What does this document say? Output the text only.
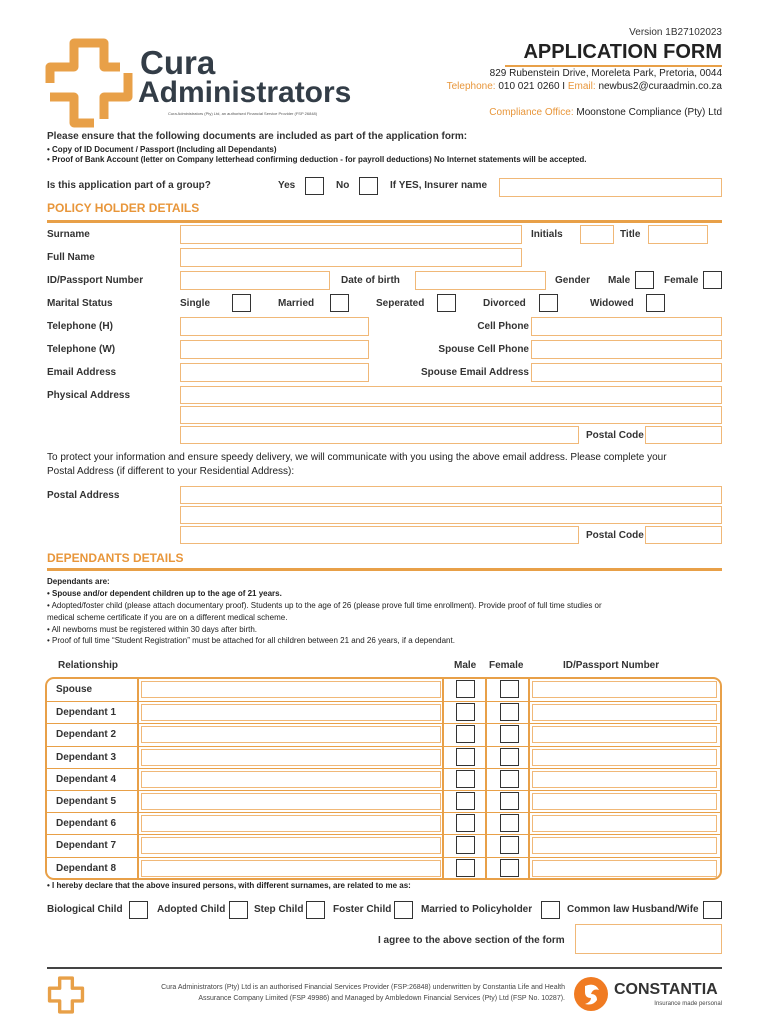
Cura
Administrators
Cura Administrators (Pty) Ltd, an authorised Financial Service Provider (FSP 26848)
Version 1B27102023
APPLICATION FORM
829 Rubenstein Drive, Moreleta Park, Pretoria, 0044
Telephone: 010 021 0260 I Email: newbus2@curaadmin.co.za
Compliance Office: Moonstone Compliance (Pty) Ltd
Please ensure that the following documents are included as part of the application form:
• Copy of ID Document / Passport (Including all Dependants)
• Proof of Bank Account (letter on Company letterhead confirming deduction - for payroll deductions) No Internet statements will be accepted.
Is this application part of a group?	Yes	No	If YES, Insurer name
POLICY HOLDER DETAILS
Surname	Initials	Title
Full Name
ID/Passport Number	Date of birth	Gender Male	Female
Marital Status	Single	Married	Seperated	Divorced	Widowed
Telephone (H)	Cell Phone
Telephone (W)	Spouse Cell Phone
Email Address	Spouse Email Address
Physical Address
Postal Code
To protect your information and ensure speedy delivery, we will communicate with you using the above email address. Please complete your
Postal Address (if different to your Residential Address):
Postal Address
Postal Code
DEPENDANTS DETAILS
Dependants are:
• Spouse and/or dependent children up to the age of 21 years.
• Adopted/foster child (please attach documentary proof). Students up to the age of 26 (please prove full time enrollment). Provide proof of full time studies or
medical scheme certificate if you are on a different medical scheme.
• All newborns must be registered within 30 days after birth.
• Proof of full time “Student Registration” must be attached for all children between 21 and 26 years, if a dependant.
Relationship	Male Female	ID/Passport Number
Spouse
Dependant 1
Dependant 2
Dependant 3
Dependant 4
Dependant 5
Dependant 6
Dependant 7
Dependant 8
• I hereby declare that the above insured persons, with different surnames, are related to me as:
Biological Child	Adopted Child	Step Child	Foster Child	Married to Policyholder	Common law Husband/Wife
I agree to the above section of the form
Cura Administrators (Pty) Ltd is an authorised Financial Services Provider (FSP:26848) underwritten by Constantia Life and Health
Assurance Company Limited (FSP 49986) and Managed by Ambledown Financial Services (Pty) Ltd (FSP No. 10287).
CONSTANTIA
Insurance made personal
